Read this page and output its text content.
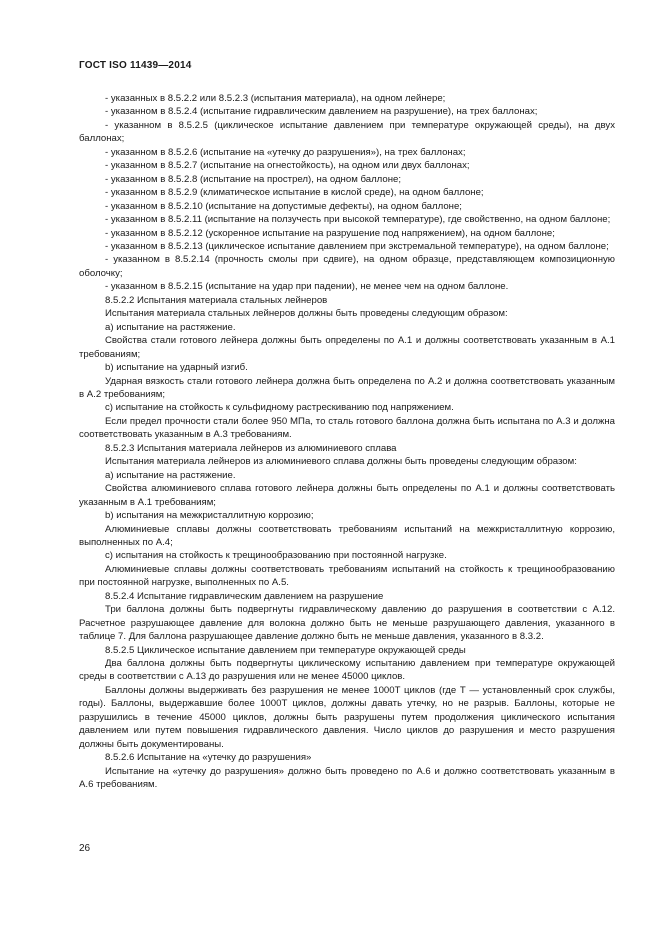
ГОСТ ISO 11439—2014

- указанных в 8.5.2.2 или 8.5.2.3 (испытания материала), на одном лейнере;

- указанном в 8.5.2.4 (испытание гидравлическим давлением на разрушение), на трех баллонах;

- указанном в 8.5.2.5 (циклическое испытание давлением при температуре окружающей среды), на двух баллонах;

- указанном в 8.5.2.6 (испытание на «утечку до разрушения»), на трех баллонах;

- указанном в 8.5.2.7 (испытание на огнестойкость), на одном или двух баллонах;

- указанном в 8.5.2.8 (испытание на прострел), на одном баллоне;

- указанном в 8.5.2.9 (климатическое испытание в кислой среде), на одном баллоне;

- указанном в 8.5.2.10 (испытание на допустимые дефекты), на одном баллоне;

- указанном в 8.5.2.11 (испытание на ползучесть при высокой температуре), где свойственно, на одном баллоне;

- указанном в 8.5.2.12 (ускоренное испытание на разрушение под напряжением), на одном баллоне;

- указанном в 8.5.2.13 (циклическое испытание давлением при экстремальной температуре), на одном баллоне;

- указанном в 8.5.2.14 (прочность смолы при сдвиге), на одном образце, представляющем композиционную оболочку;

- указанном в 8.5.2.15 (испытание на удар при падении), не менее чем на одном баллоне.

8.5.2.2 Испытания материала стальных лейнеров

Испытания материала стальных лейнеров должны быть проведены следующим образом:

a) испытание на растяжение.

Свойства стали готового лейнера должны быть определены по А.1 и должны соответствовать указанным в А.1 требованиям;

b) испытание на ударный изгиб.

Ударная вязкость стали готового лейнера должна быть определена по А.2 и должна соответствовать указанным в А.2 требованиям;

c) испытание на стойкость к сульфидному растрескиванию под напряжением.

Если предел прочности стали более 950 МПа, то сталь готового баллона должна быть испытана по А.3 и должна соответствовать указанным в А.3 требованиям.

8.5.2.3 Испытания материала лейнеров из алюминиевого сплава

Испытания материала лейнеров из алюминиевого сплава должны быть проведены следующим образом:

a) испытание на растяжение.

Свойства алюминиевого сплава готового лейнера должны быть определены по А.1 и должны соответствовать указанным в А.1 требованиям;

b) испытания на межкристаллитную коррозию;

Алюминиевые сплавы должны соответствовать требованиям испытаний на межкристаллитную коррозию, выполненных по А.4;

c) испытания на стойкость к трещинообразованию при постоянной нагрузке.

Алюминиевые сплавы должны соответствовать требованиям испытаний на стойкость к трещинообразованию при постоянной нагрузке, выполненных по А.5.

8.5.2.4 Испытание гидравлическим давлением на разрушение

Три баллона должны быть подвергнуты гидравлическому давлению до разрушения в соответствии с А.12. Расчетное разрушающее давление для волокна должно быть не меньше разрушающего давления, указанного в таблице 7. Для баллона разрушающее давление должно быть не меньше давления, указанного в 8.3.2.

8.5.2.5 Циклическое испытание давлением при температуре окружающей среды

Два баллона должны быть подвергнуты циклическому испытанию давлением при температуре окружающей среды в соответствии с А.13 до разрушения или не менее 45000 циклов.

Баллоны должны выдерживать без разрушения не менее 1000T циклов (где T — установленный срок службы, годы). Баллоны, выдержавшие более 1000T циклов, должны давать утечку, но не разрыв. Баллоны, которые не разрушились в течение 45000 циклов, должны быть разрушены путем продолжения циклического испытания давлением или путем повышения гидравлического давления. Число циклов до разрушения и место разрушения должны быть документированы.

8.5.2.6 Испытание на «утечку до разрушения»

Испытание на «утечку до разрушения» должно быть проведено по А.6 и должно соответствовать указанным в А.6 требованиям.

26
